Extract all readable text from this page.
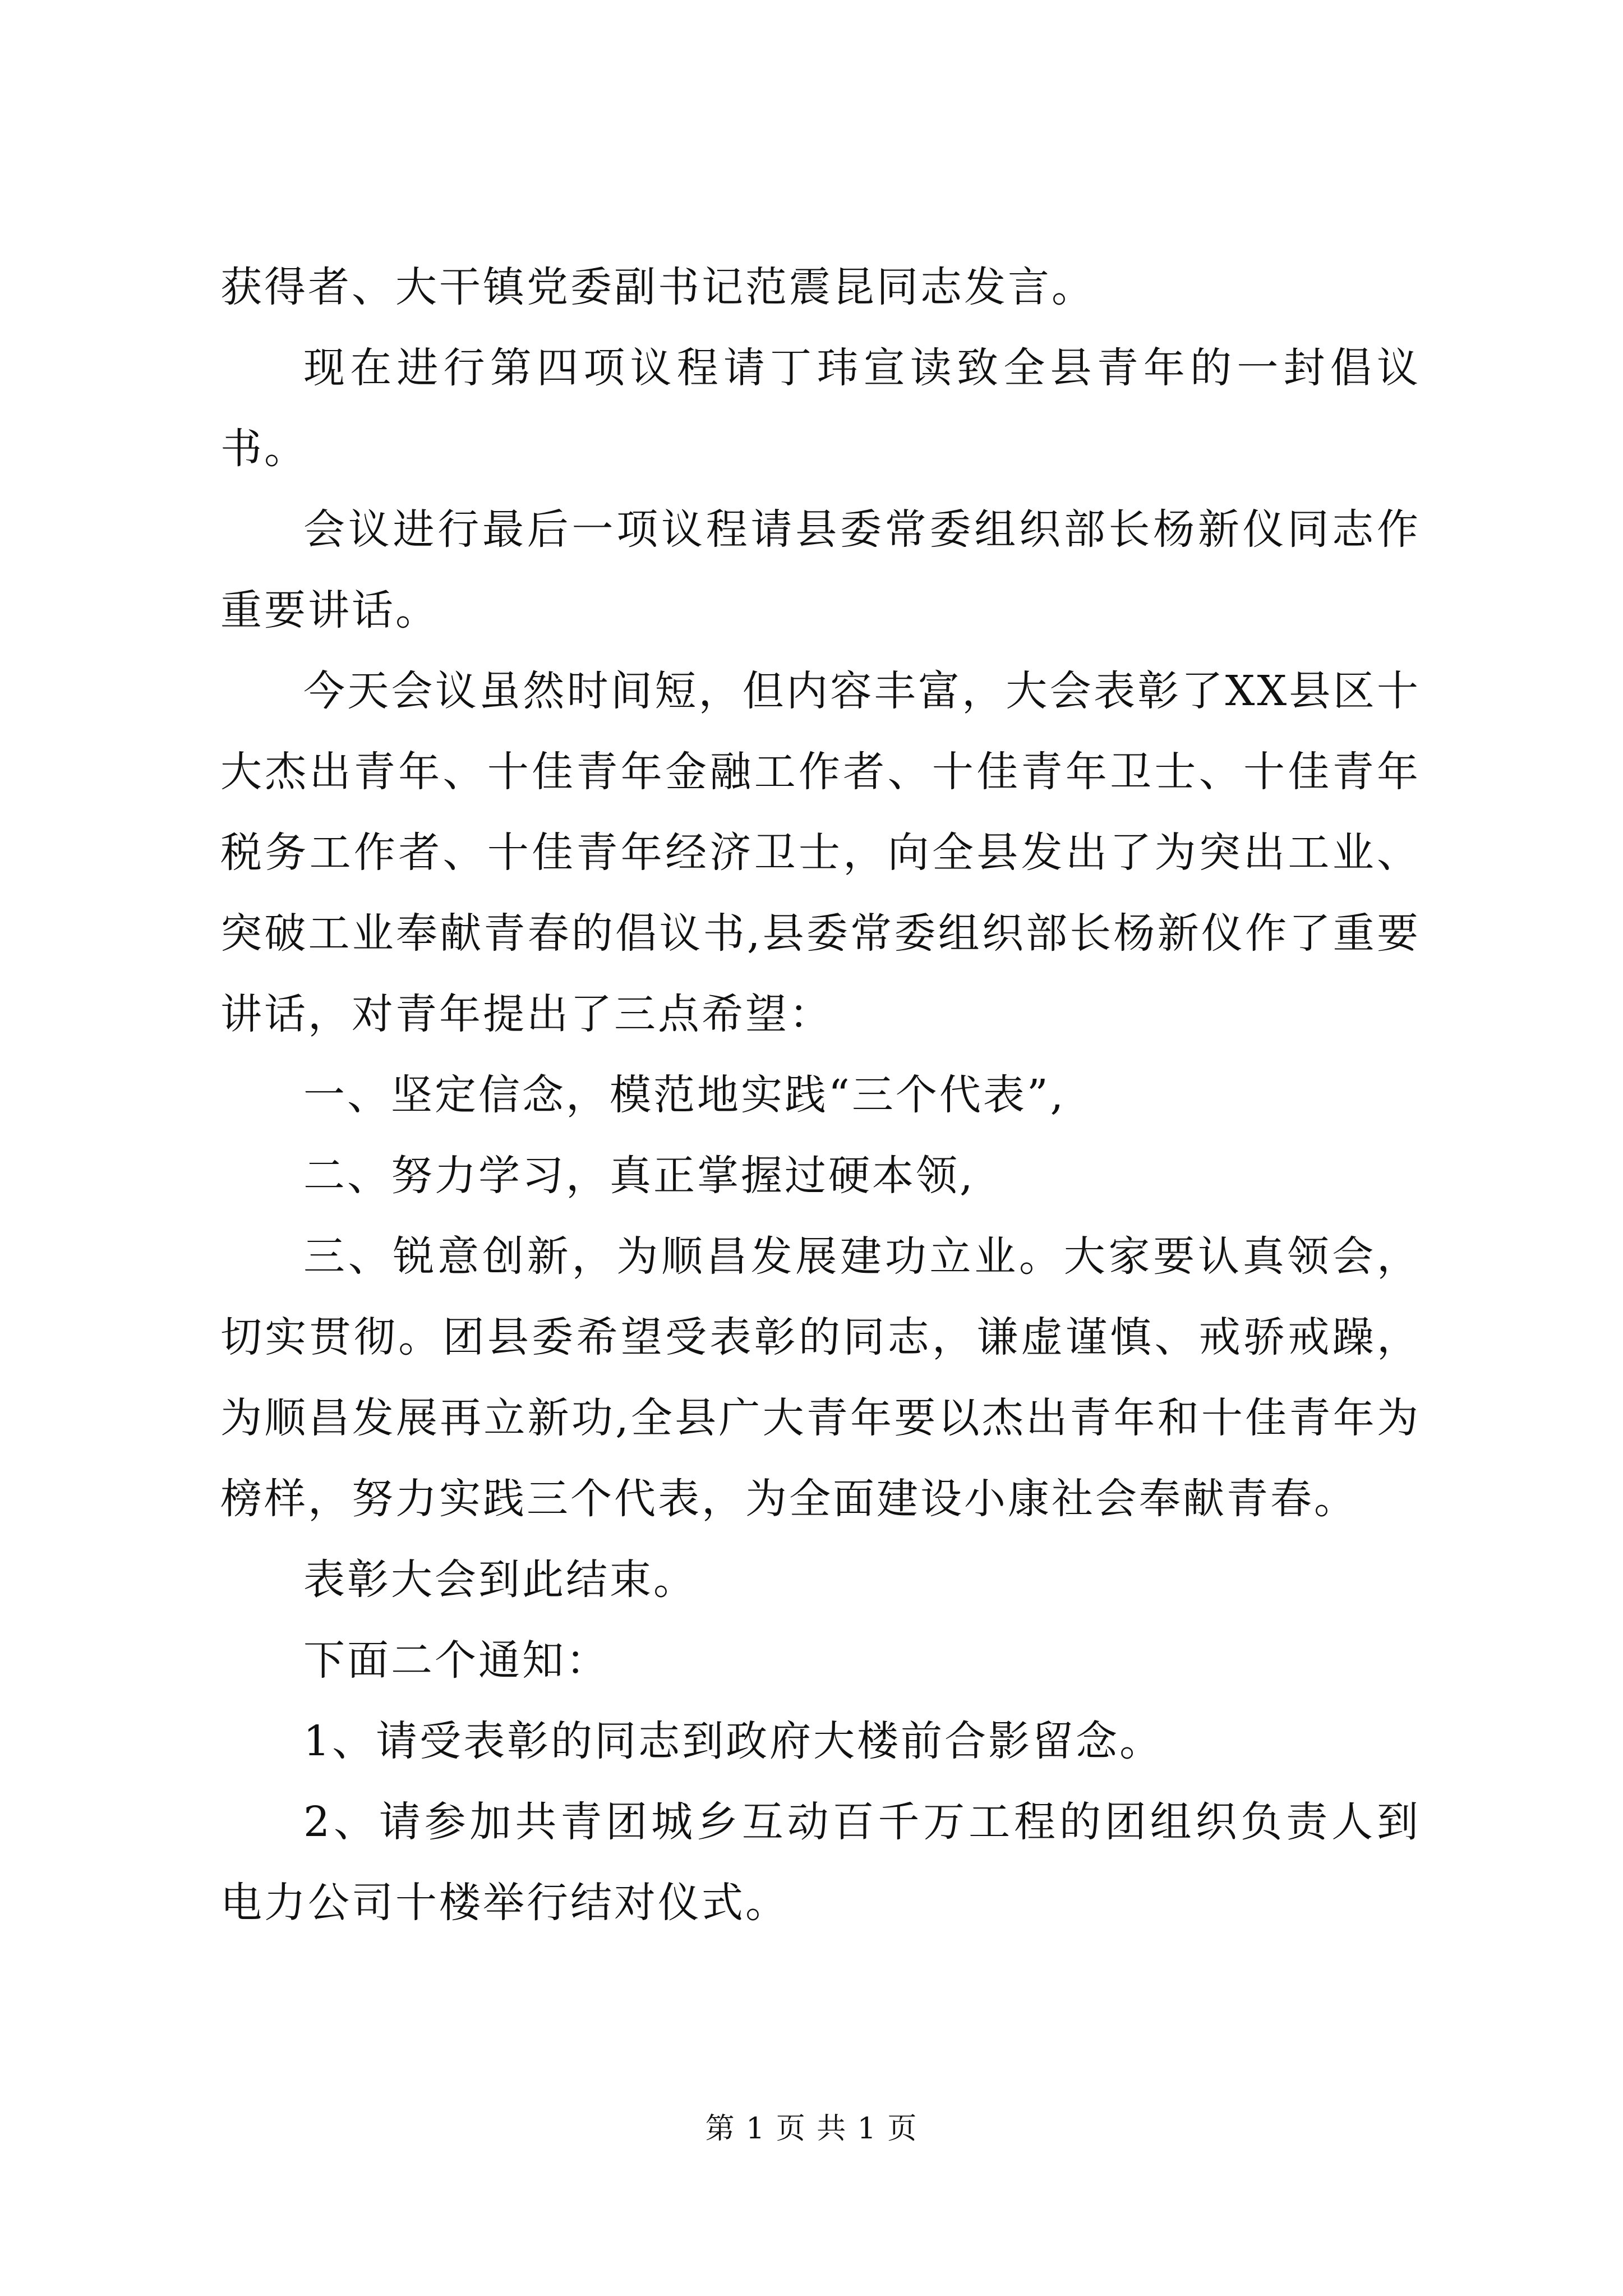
获得者、大干镇党委副书记范震昆同志发言。

现在进行第四项议程请丁玮宣读致全县青年的一封倡议书。

会议进行最后一项议程请县委常委组织部长杨新仪同志作重要讲话。

今天会议虽然时间短，但内容丰富，大会表彰了XX县区十大杰出青年、十佳青年金融工作者、十佳青年卫士、十佳青年税务工作者、十佳青年经济卫士，向全县发出了为突出工业、突破工业奉献青春的倡议书,县委常委组织部长杨新仪作了重要讲话，对青年提出了三点希望：

一、坚定信念，模范地实践“三个代表”,

二、努力学习，真正掌握过硬本领,

三、锐意创新，为顺昌发展建功立业。大家要认真领会，切实贯彻。团县委希望受表彰的同志，谦虚谨慎、戒骄戒躁，为顺昌发展再立新功,全县广大青年要以杰出青年和十佳青年为榜样，努力实践三个代表，为全面建设小康社会奉献青春。

表彰大会到此结束。

下面二个通知：

1、请受表彰的同志到政府大楼前合影留念。

2、请参加共青团城乡互动百千万工程的团组织负责人到电力公司十楼举行结对仪式。

第 1 页 共 1 页
